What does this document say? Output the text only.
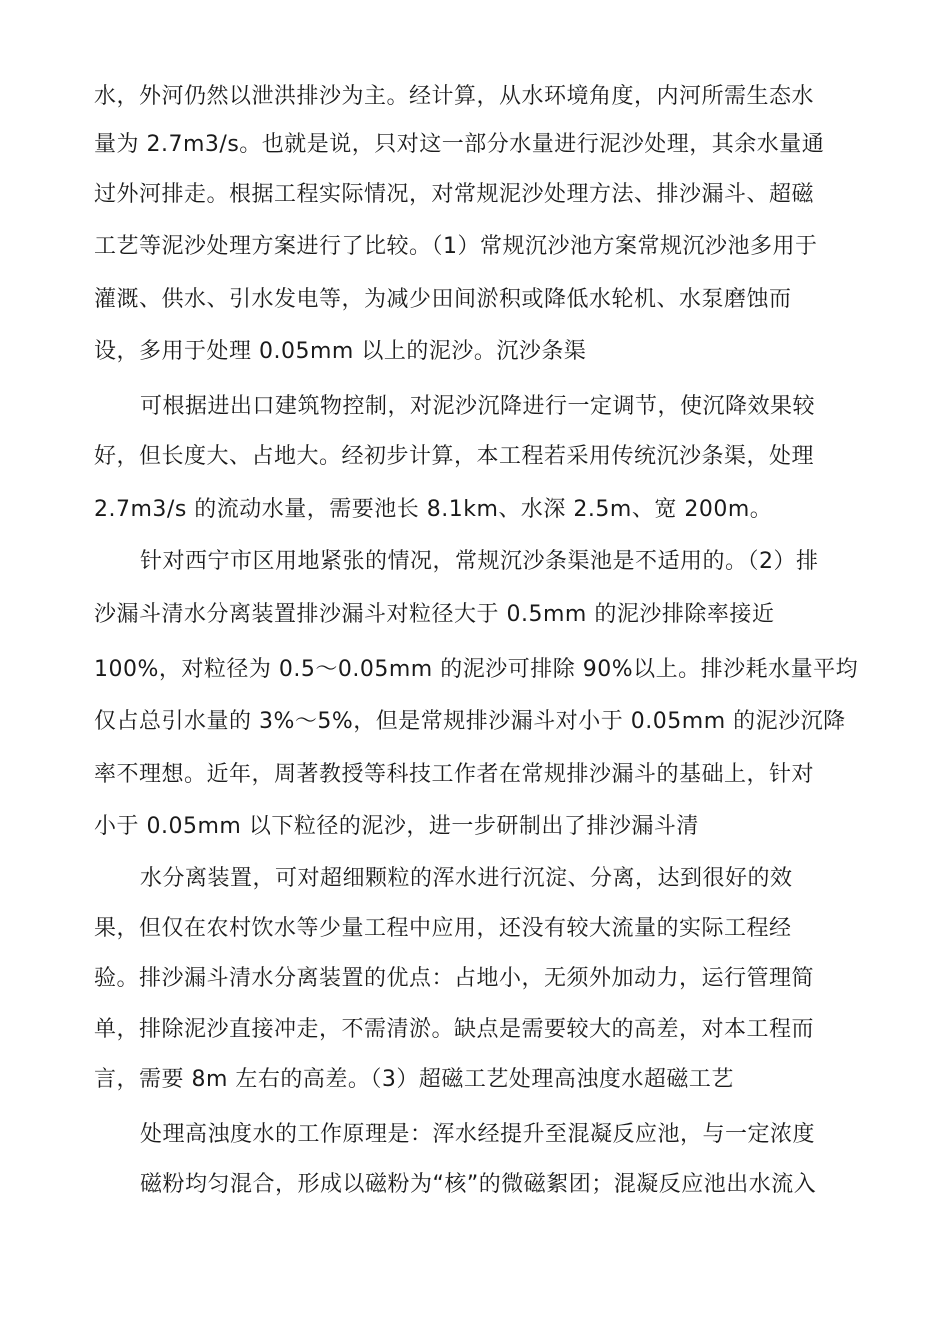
水，外河仍然以泄洪排沙为主。经计算，从水环境角度，内河所需生态水
量为 2.7m3/s。也就是说，只对这一部分水量进行泥沙处理，其余水量通
过外河排走。根据工程实际情况，对常规泥沙处理方法、排沙漏斗、超磁
工艺等泥沙处理方案进行了比较。（1）常规沉沙池方案常规沉沙池多用于
灌溉、供水、引水发电等，为减少田间淤积或降低水轮机、水泵磨蚀而
设，多用于处理 0.05mm 以上的泥沙。沉沙条渠
可根据进出口建筑物控制，对泥沙沉降进行一定调节，使沉降效果较
好，但长度大、占地大。经初步计算，本工程若采用传统沉沙条渠，处理
2.7m3/s 的流动水量，需要池长 8.1km、水深 2.5m、宽 200m。
针对西宁市区用地紧张的情况，常规沉沙条渠池是不适用的。（2）排
沙漏斗清水分离装置排沙漏斗对粒径大于 0.5mm 的泥沙排除率接近
100%，对粒径为 0.5～0.05mm 的泥沙可排除 90%以上。排沙耗水量平均
仅占总引水量的 3%～5%，但是常规排沙漏斗对小于 0.05mm 的泥沙沉降
率不理想。近年，周著教授等科技工作者在常规排沙漏斗的基础上，针对
小于 0.05mm 以下粒径的泥沙，进一步研制出了排沙漏斗清
水分离装置，可对超细颗粒的浑水进行沉淀、分离，达到很好的效
果，但仅在农村饮水等少量工程中应用，还没有较大流量的实际工程经
验。排沙漏斗清水分离装置的优点：占地小，无须外加动力，运行管理简
单，排除泥沙直接冲走，不需清淤。缺点是需要较大的高差，对本工程而
言，需要 8m 左右的高差。（3）超磁工艺处理高浊度水超磁工艺
处理高浊度水的工作原理是：浑水经提升至混凝反应池，与一定浓度
磁粉均匀混合，形成以磁粉为“核”的微磁絮团；混凝反应池出水流入
